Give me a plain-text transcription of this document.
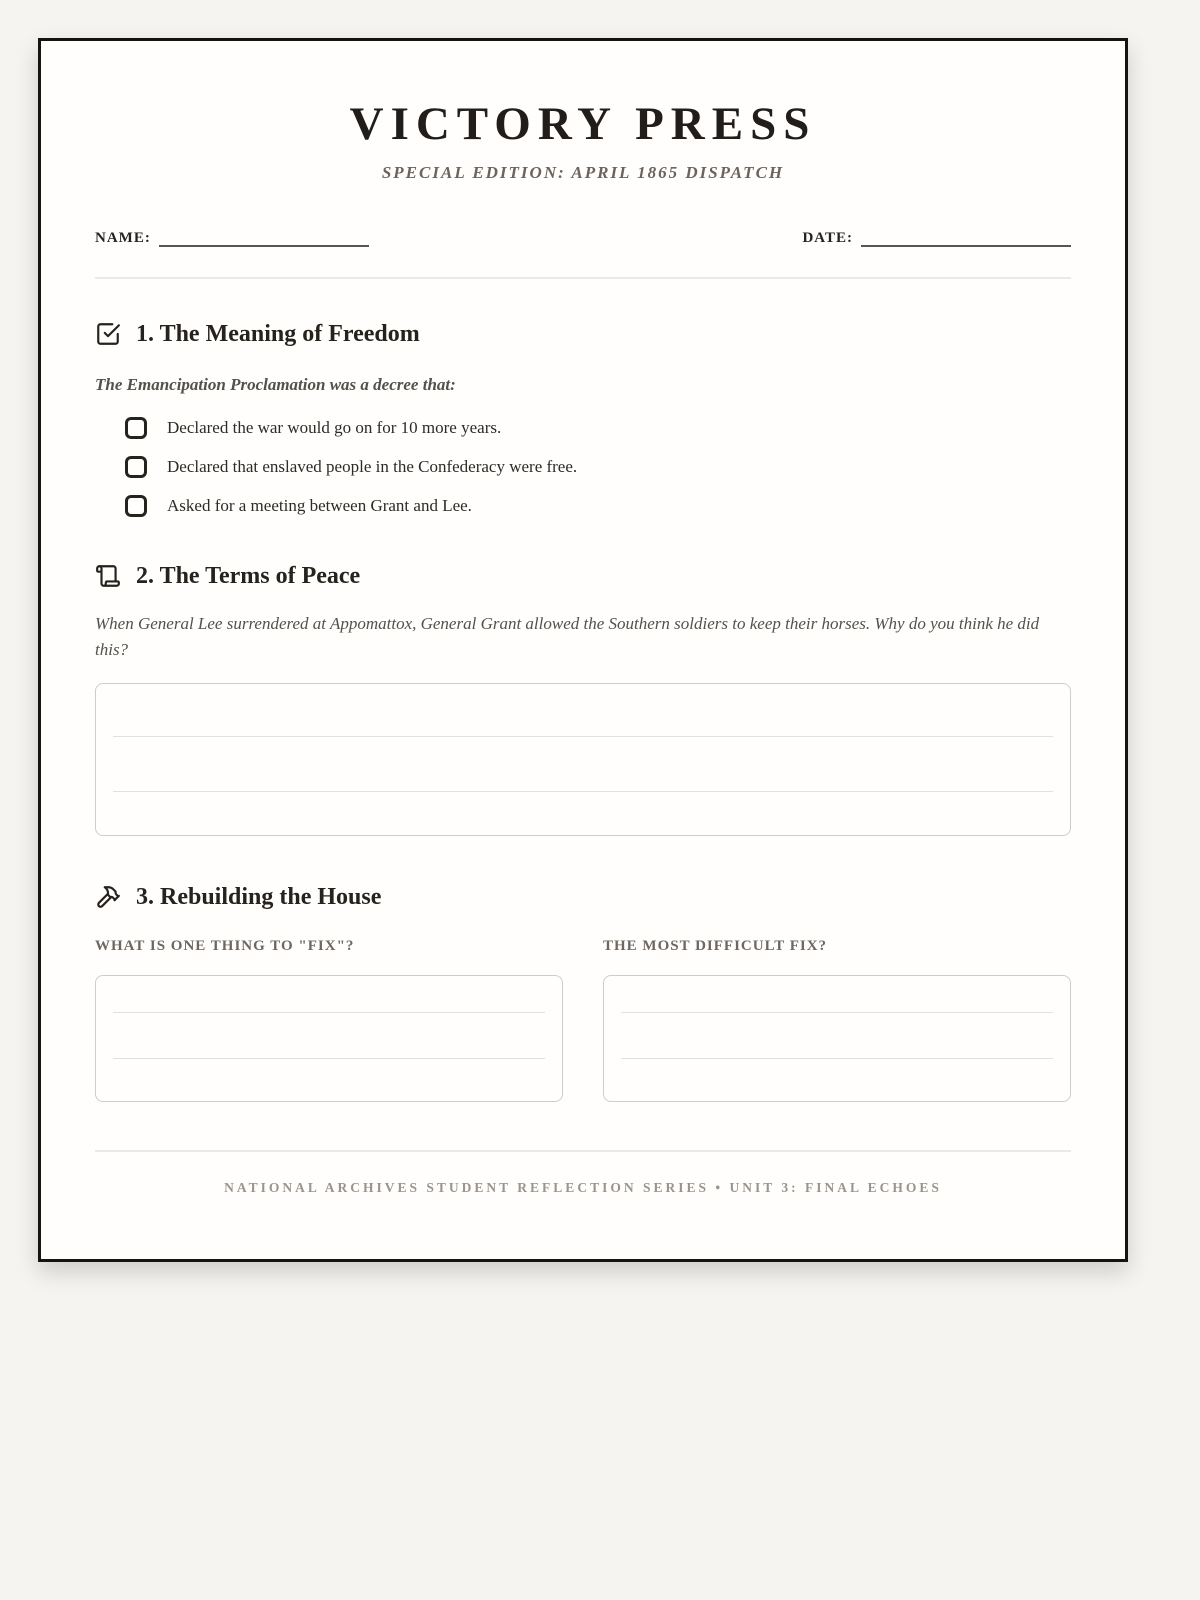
VICTORY PRESS
SPECIAL EDITION: APRIL 1865 DISPATCH
NAME:	DATE:
1. The Meaning of Freedom
The Emancipation Proclamation was a decree that:
Declared the war would go on for 10 more years.
Declared that enslaved people in the Confederacy were free.
Asked for a meeting between Grant and Lee.
2. The Terms of Peace
When General Lee surrendered at Appomattox, General Grant allowed the Southern soldiers to keep their horses. Why do you think he did this?
3. Rebuilding the House
WHAT IS ONE THING TO "FIX"?	THE MOST DIFFICULT FIX?
NATIONAL ARCHIVES STUDENT REFLECTION SERIES • UNIT 3: FINAL ECHOES
